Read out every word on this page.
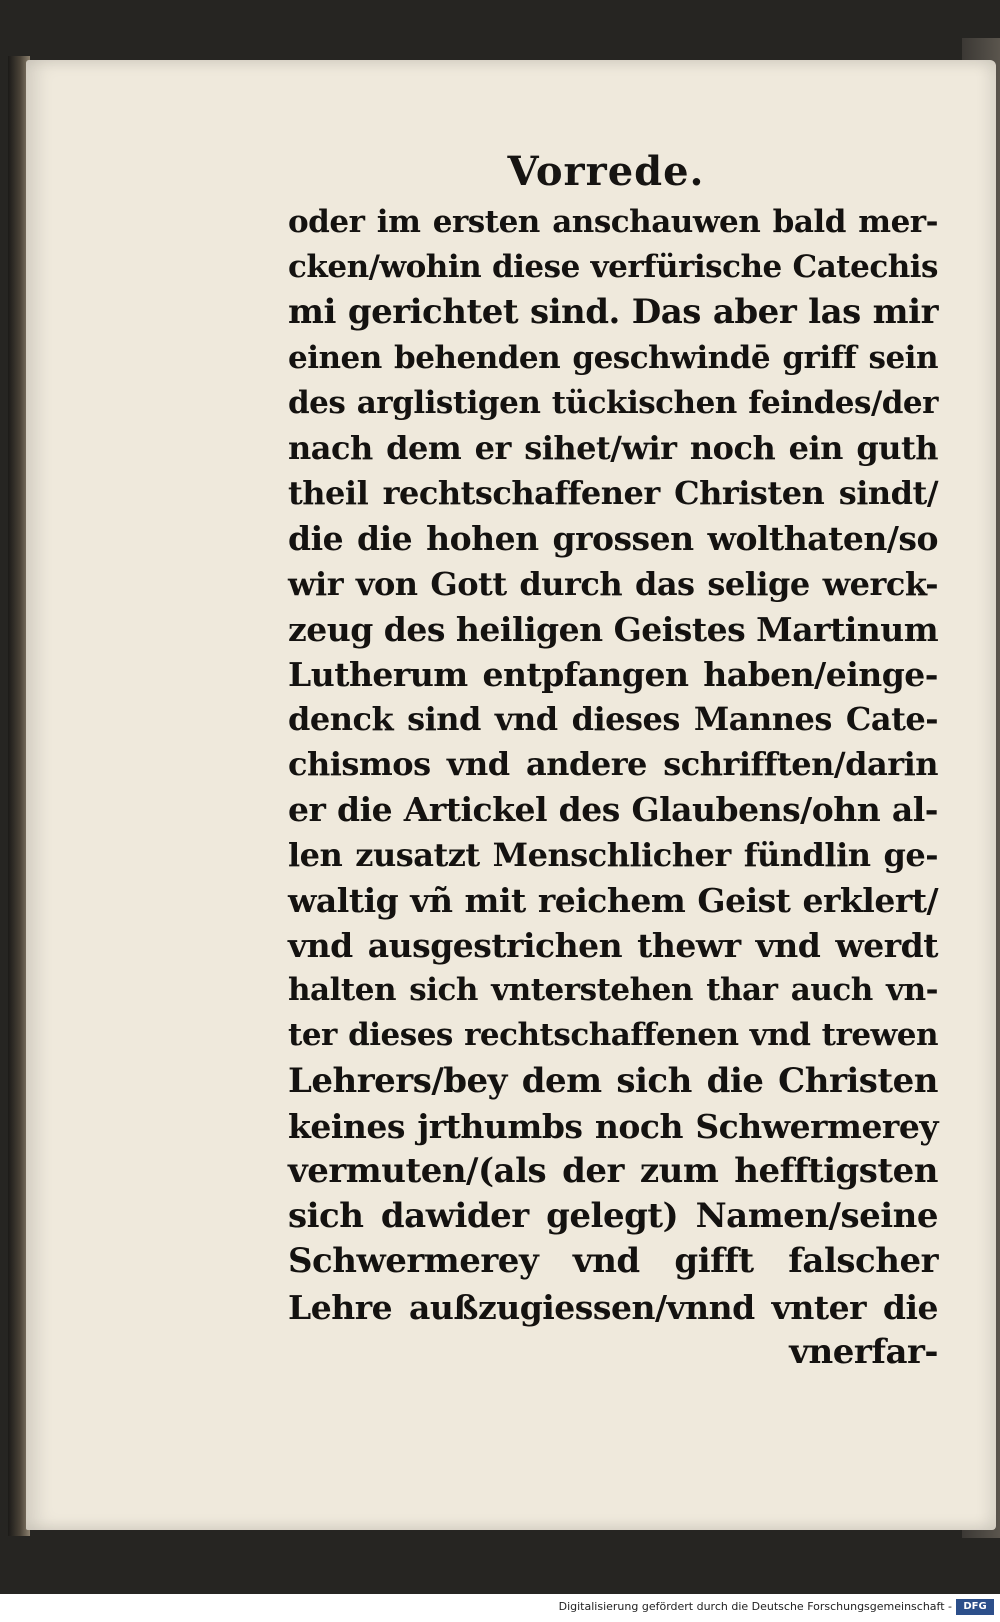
Vorrede.
oder im ersten anschauwen bald mer-
cken/wohin diese verfürische Catechis
mi gerichtet sind. Das aber las mir
einen behenden geschwindē griff sein
des arglistigen tückischen feindes/der
nach dem er sihet/wir noch ein guth
theil rechtschaffener Christen sindt/
die die hohen grossen wolthaten/so
wir von Gott durch das selige werck-
zeug des heiligen Geistes Martinum
Lutherum entpfangen haben/einge-
denck sind vnd dieses Mannes Cate-
chismos vnd andere schrifften/darin
er die Artickel des Glaubens/ohn al-
len zusatzt Menschlicher fündlin ge-
waltig vñ mit reichem Geist erklert/
vnd ausgestrichen thewr vnd werdt
halten sich vnterstehen thar auch vn-
ter dieses rechtschaffenen vnd trewen
Lehrers/bey dem sich die Christen
keines jrthumbs noch Schwermerey
vermuten/(als der zum hefftigsten
sich dawider gelegt) Namen/seine
Schwermerey vnd gifft falscher
Lehre außzugiessen/vnnd vnter die
vnerfar-
Digitalisierung gefördert durch die Deutsche Forschungsgemeinschaft -	DFG
